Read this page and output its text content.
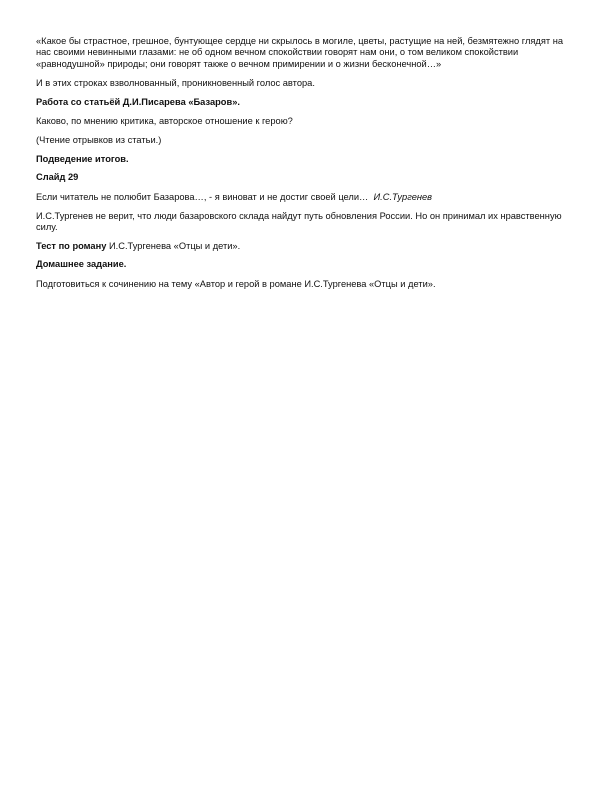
«Какое бы страстное, грешное, бунтующее сердце ни скрылось в могиле, цветы, растущие на ней, безмятежно глядят на нас своими невинными глазами: не об одном вечном спокойствии говорят нам они, о том великом спокойствии «равнодушной» природы; они говорят также о вечном примирении и о жизни бесконечной…»

И в этих строках взволнованный, проникновенный голос автора.

Работа со статьёй Д.И.Писарева «Базаров».

Каково, по мнению критика, авторское отношение к герою?

(Чтение отрывков из статьи.)

Подведение итогов.

Слайд 29

Если читатель не полюбит Базарова…, - я виноват и не достиг своей цели… И.С.Тургенев

И.С.Тургенев не верит, что люди базаровского склада найдут путь обновления России. Но он принимал их нравственную силу.

Тест по роману И.С.Тургенева «Отцы и дети».

Домашнее задание.

Подготовиться к сочинению на тему «Автор и герой в романе И.С.Тургенева «Отцы и дети».
